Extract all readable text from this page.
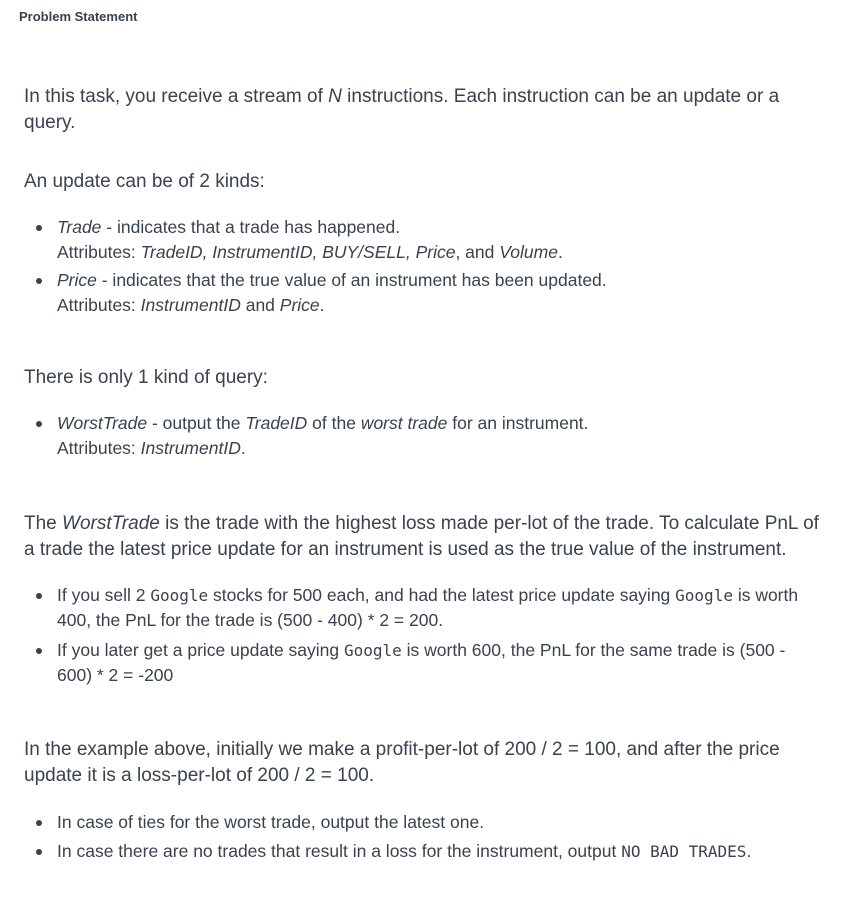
Problem Statement

In this task, you receive a stream of N instructions. Each instruction can be an update or a query.

An update can be of 2 kinds:

Trade - indicates that a trade has happened.
Attributes: TradeID, InstrumentID, BUY/SELL, Price, and Volume.
Price - indicates that the true value of an instrument has been updated.
Attributes: InstrumentID and Price.

There is only 1 kind of query:

WorstTrade - output the TradeID of the worst trade for an instrument.
Attributes: InstrumentID.

The WorstTrade is the trade with the highest loss made per-lot of the trade. To calculate PnL of a trade the latest price update for an instrument is used as the true value of the instrument.

If you sell 2 Google stocks for 500 each, and had the latest price update saying Google is worth 400, the PnL for the trade is (500 - 400) * 2 = 200.
If you later get a price update saying Google is worth 600, the PnL for the same trade is (500 - 600) * 2 = -200

In the example above, initially we make a profit-per-lot of 200 / 2 = 100, and after the price update it is a loss-per-lot of 200 / 2 = 100.

In case of ties for the worst trade, output the latest one.
In case there are no trades that result in a loss for the instrument, output NO BAD TRADES.
